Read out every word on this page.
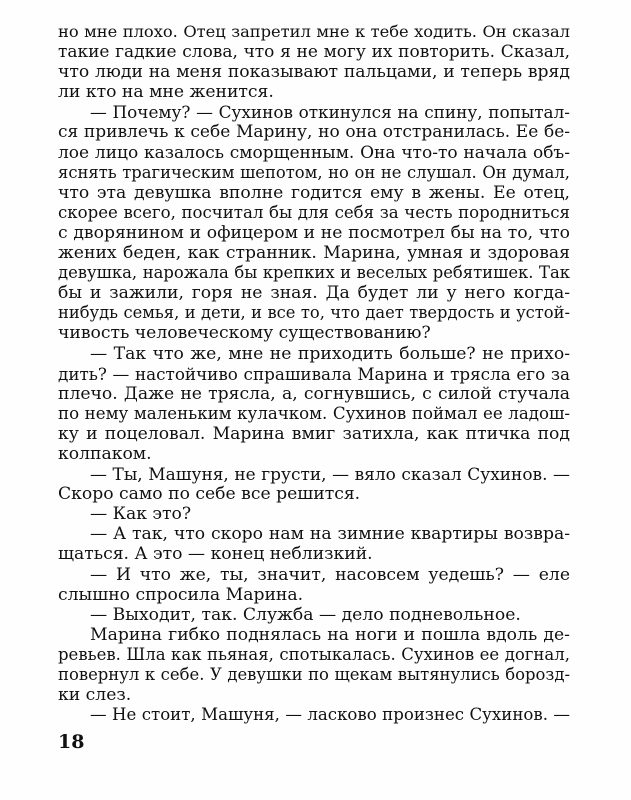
но мне плохо. Отец запретил мне к тебе ходить. Он сказал
такие гадкие слова, что я не могу их повторить. Сказал,
что люди на меня показывают пальцами, и теперь вряд
ли кто на мне женится.
— Почему? — Сухинов откинулся на спину, попытал-
ся привлечь к себе Марину, но она отстранилась. Ее бе-
лое лицо казалось сморщенным. Она что-то начала объ-
яснять трагическим шепотом, но он не слушал. Он думал,
что эта девушка вполне годится ему в жены. Ее отец,
скорее всего, посчитал бы для себя за честь породниться
с дворянином и офицером и не посмотрел бы на то, что
жених беден, как странник. Марина, умная и здоровая
девушка, нарожала бы крепких и веселых ребятишек. Так
бы и зажили, горя не зная. Да будет ли у него когда-
нибудь семья, и дети, и все то, что дает твердость и устой-
чивость человеческому существованию?
— Так что же, мне не приходить больше? не прихо-
дить? — настойчиво спрашивала Марина и трясла его за
плечо. Даже не трясла, а, согнувшись, с силой стучала
по нему маленьким кулачком. Сухинов поймал ее ладош-
ку и поцеловал. Марина вмиг затихла, как птичка под
колпаком.
— Ты, Машуня, не грусти, — вяло сказал Сухинов. —
Скоро само по себе все решится.
— Как это?
— А так, что скоро нам на зимние квартиры возвра-
щаться. А это — конец неблизкий.
— И что же, ты, значит, насовсем уедешь? — еле
слышно спросила Марина.
— Выходит, так. Служба — дело подневольное.
Марина гибко поднялась на ноги и пошла вдоль де-
ревьев. Шла как пьяная, спотыкалась. Сухинов ее догнал,
повернул к себе. У девушки по щекам вытянулись борозд-
ки слез.
— Не стоит, Машуня, — ласково произнес Сухинов. —
18
